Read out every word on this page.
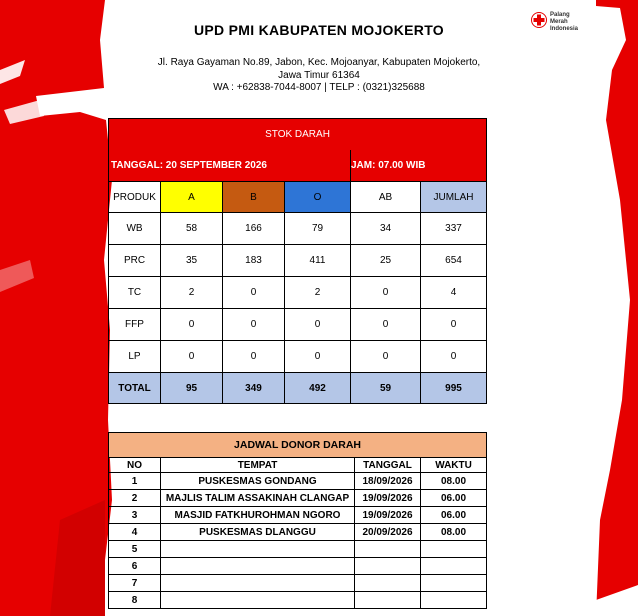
UPD PMI KABUPATEN MOJOKERTO
Jl. Raya Gayaman No.89, Jabon, Kec. Mojoanyar, Kabupaten Mojokerto,
Jawa Timur 61364
WA : +62838-7044-8007 | TELP : (0321)325688
Palang
Merah
Indonesia
STOK DARAH					
TANGGAL: 20 SEPTEMBER 2026				JAM: 07.00 WIB	
PRODUK	A	B	O	AB	JUMLAH
WB	58	166	79	34	337
PRC	35	183	411	25	654
TC	2	0	2	0	4
FFP	0	0	0	0	0
LP	0	0	0	0	0
TOTAL	95	349	492	59	995
JADWAL DONOR DARAH			
NO	TEMPAT	TANGGAL	WAKTU
1	PUSKESMAS GONDANG	18/09/2026	08.00
2	MAJLIS TALIM ASSAKINAH CLANGAP	19/09/2026	06.00
3	MASJID FATKHUROHMAN NGORO	19/09/2026	06.00
4	PUSKESMAS DLANGGU	20/09/2026	08.00
5			
6			
7			
8			
